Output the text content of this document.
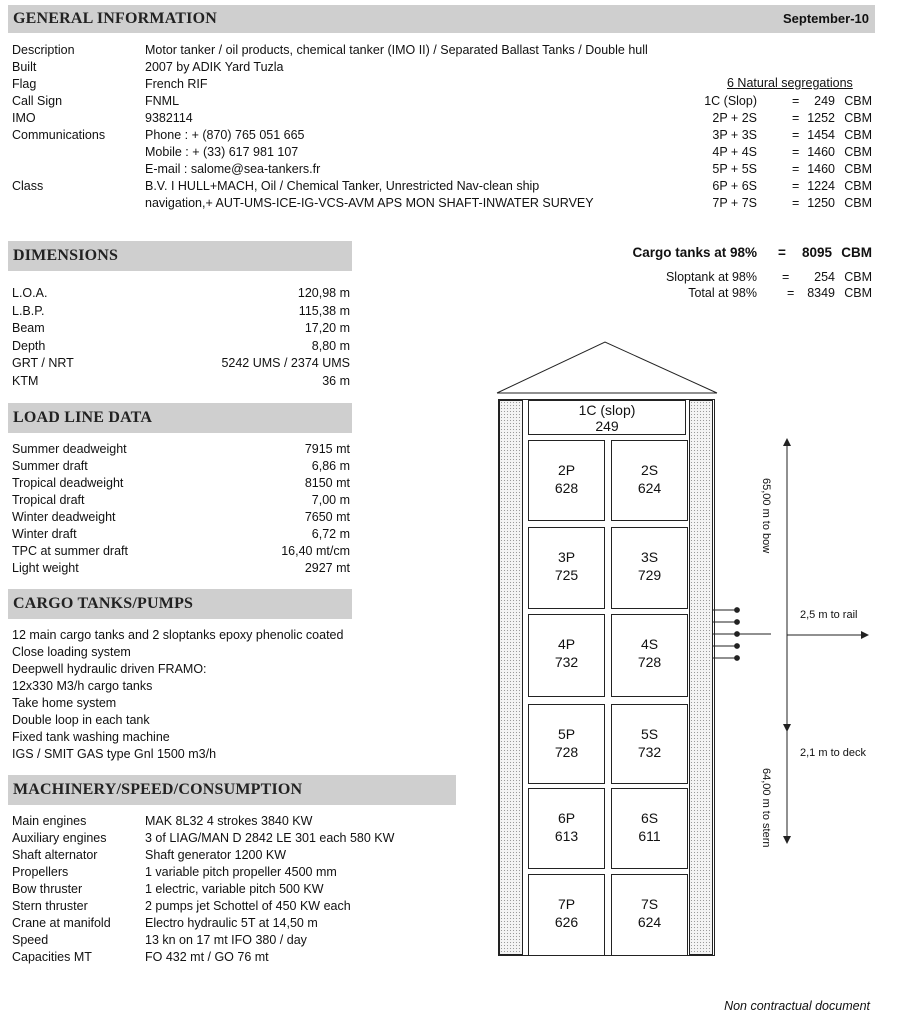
GENERAL INFORMATION	September-10
Description	Motor tanker / oil products, chemical tanker (IMO II) / Separated Ballast Tanks / Double hull
Built	2007 by ADIK Yard Tuzla
Flag	French RIF
Call Sign	FNML
IMO	9382114
Communications	Phone : + (870) 765 051 665
Mobile : + (33) 617 981 107
E-mail : salome@sea-tankers.fr
Class	B.V. I HULL+MACH, Oil / Chemical Tanker, Unrestricted Nav-clean ship
navigation,+ AUT-UMS-ICE-IG-VCS-AVM APS MON SHAFT-INWATER SURVEY
6 Natural segregations
1C (Slop)	= 249 CBM
2P + 2S	= 1252 CBM
3P + 3S	= 1454 CBM
4P + 4S	= 1460 CBM
5P + 5S	= 1460 CBM
6P + 6S	= 1224 CBM
7P + 7S	= 1250 CBM
DIMENSIONS
L.O.A.	120,98 m
L.B.P.	115,38 m
Beam	17,20 m
Depth	8,80 m
GRT / NRT	5242 UMS / 2374 UMS
KTM	36 m
Cargo tanks at 98% = 8095 CBM
Sloptank at 98% = 254 CBM
Total at 98% = 8349 CBM
LOAD LINE DATA
Summer deadweight	7915 mt
Summer draft	6,86 m
Tropical deadweight	8150 mt
Tropical draft	7,00 m
Winter deadweight	7650 mt
Winter draft	6,72 m
TPC at summer draft	16,40 mt/cm
Light weight	2927 mt
CARGO TANKS/PUMPS
12 main cargo tanks and 2 sloptanks epoxy phenolic coated
Close loading system
Deepwell hydraulic driven FRAMO:
12x330 M3/h cargo tanks
Take home system
Double loop in each tank
Fixed tank washing machine
IGS / SMIT GAS type Gnl 1500 m3/h
MACHINERY/SPEED/CONSUMPTION
Main engines	MAK 8L32 4 strokes 3840 KW
Auxiliary engines	3 of LIAG/MAN D 2842 LE 301 each 580 KW
Shaft alternator	Shaft generator 1200 KW
Propellers	1 variable pitch propeller 4500 mm
Bow thruster	1 electric, variable pitch 500 KW
Stern thruster	2 pumps jet Schottel of 450 KW each
Crane at manifold	Electro hydraulic 5T at 14,50 m
Speed	13 kn on 17 mt IFO 380 / day
Capacities MT	FO 432 mt / GO 76 mt
1C (slop)
249
2P
628
2S
624
3P
725
3S
729
4P
732
4S
728
5P
728
5S
732
6P
613
6S
611
7P
626
7S
624
65,00 m to bow
64,00 m to stern
2,5 m to rail
2,1 m to deck
Non contractual document
